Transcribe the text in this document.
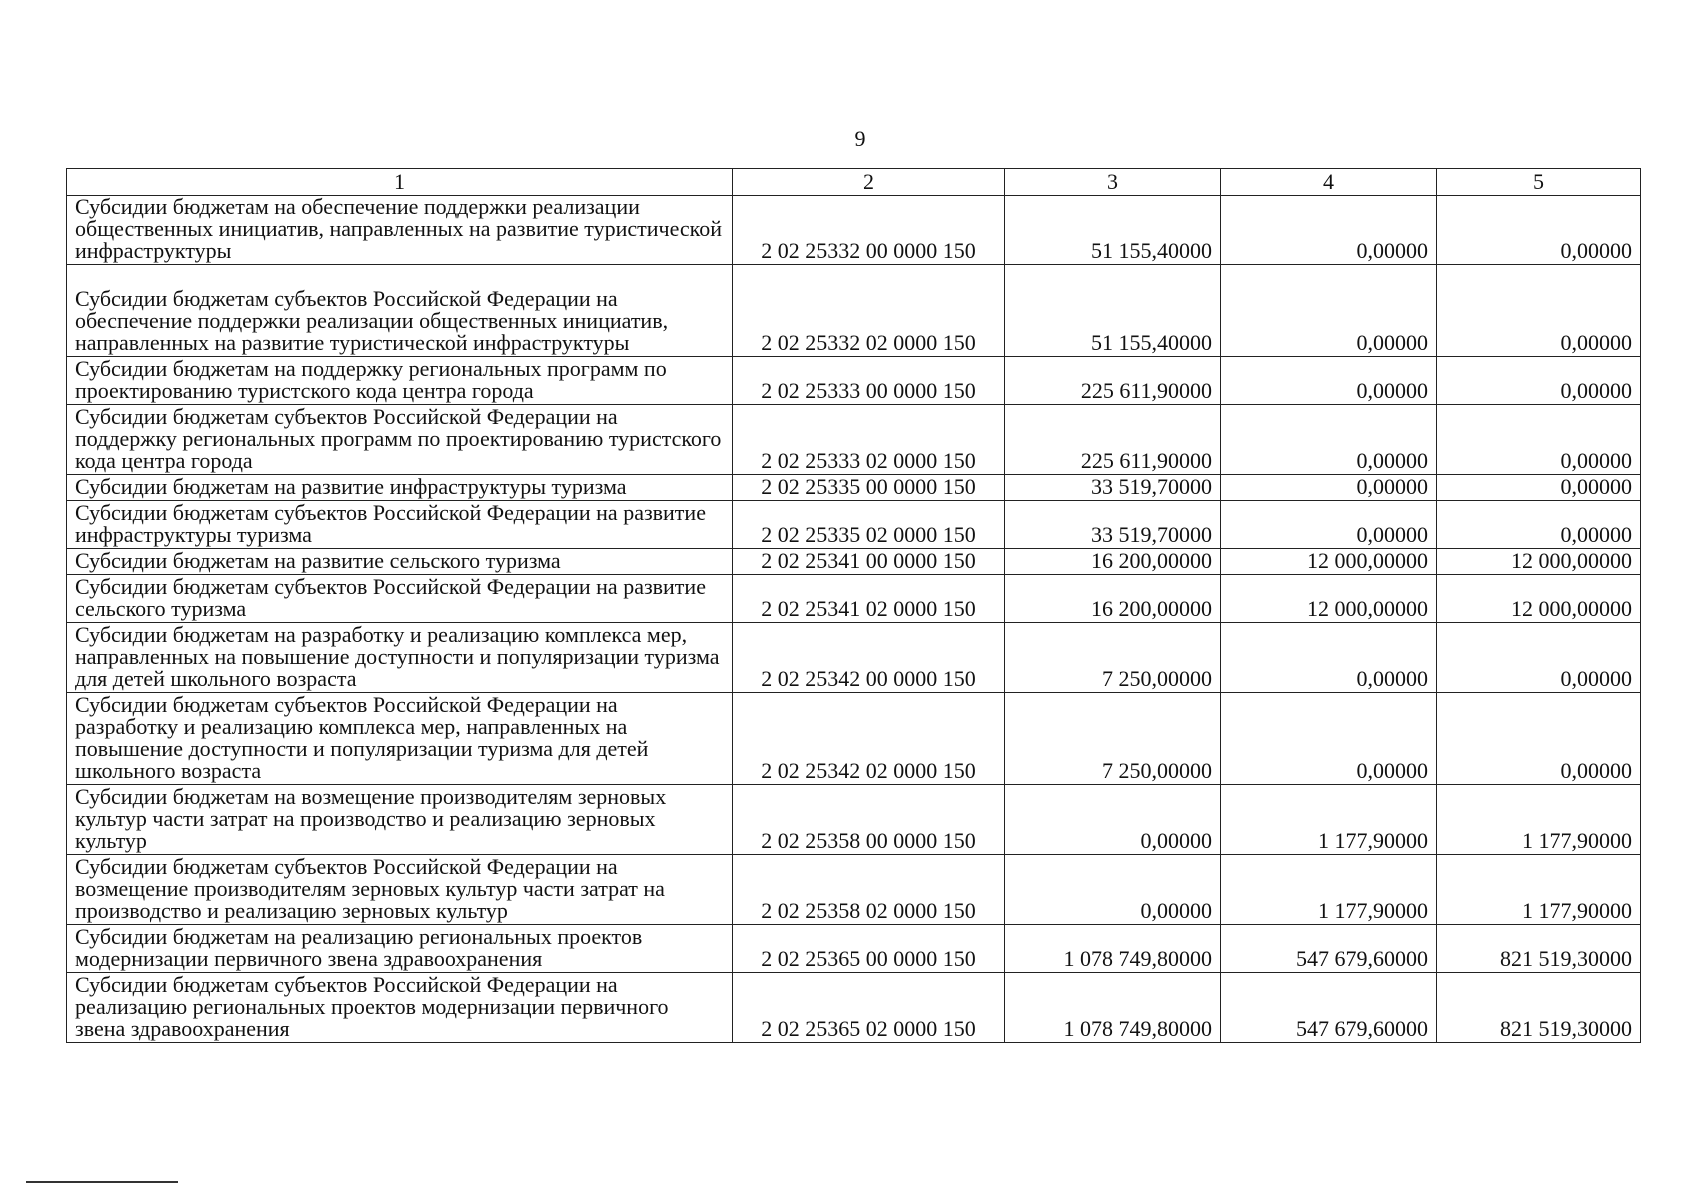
9
1	2	3	4	5
Субсидии бюджетам на обеспечение поддержки реализации общественных инициатив, направленных на развитие туристической инфраструктуры	2 02 25332 00 0000 150	51 155,40000	0,00000	0,00000
Субсидии бюджетам субъектов Российской Федерации на обеспечение поддержки реализации общественных инициатив, направленных на развитие туристической инфраструктуры	2 02 25332 02 0000 150	51 155,40000	0,00000	0,00000
Субсидии бюджетам на поддержку региональных программ по проектированию туристского кода центра города	2 02 25333 00 0000 150	225 611,90000	0,00000	0,00000
Субсидии бюджетам субъектов Российской Федерации на поддержку региональных программ по проектированию туристского кода центра города	2 02 25333 02 0000 150	225 611,90000	0,00000	0,00000
Субсидии бюджетам на развитие инфраструктуры туризма	2 02 25335 00 0000 150	33 519,70000	0,00000	0,00000
Субсидии бюджетам субъектов Российской Федерации на развитие инфраструктуры туризма	2 02 25335 02 0000 150	33 519,70000	0,00000	0,00000
Субсидии бюджетам на развитие сельского туризма	2 02 25341 00 0000 150	16 200,00000	12 000,00000	12 000,00000
Субсидии бюджетам субъектов Российской Федерации на развитие сельского туризма	2 02 25341 02 0000 150	16 200,00000	12 000,00000	12 000,00000
Субсидии бюджетам на разработку и реализацию комплекса мер, направленных на повышение доступности и популяризации туризма для детей школьного возраста	2 02 25342 00 0000 150	7 250,00000	0,00000	0,00000
Субсидии бюджетам субъектов Российской Федерации на разработку и реализацию комплекса мер, направленных на повышение доступности и популяризации туризма для детей школьного возраста	2 02 25342 02 0000 150	7 250,00000	0,00000	0,00000
Субсидии бюджетам на возмещение производителям зерновых культур части затрат на производство и реализацию зерновых культур	2 02 25358 00 0000 150	0,00000	1 177,90000	1 177,90000
Субсидии бюджетам субъектов Российской Федерации на возмещение производителям зерновых культур части затрат на производство и реализацию зерновых культур	2 02 25358 02 0000 150	0,00000	1 177,90000	1 177,90000
Субсидии бюджетам на реализацию региональных проектов модернизации первичного звена здравоохранения	2 02 25365 00 0000 150	1 078 749,80000	547 679,60000	821 519,30000
Субсидии бюджетам субъектов Российской Федерации на реализацию региональных проектов модернизации первичного звена здравоохранения	2 02 25365 02 0000 150	1 078 749,80000	547 679,60000	821 519,30000
